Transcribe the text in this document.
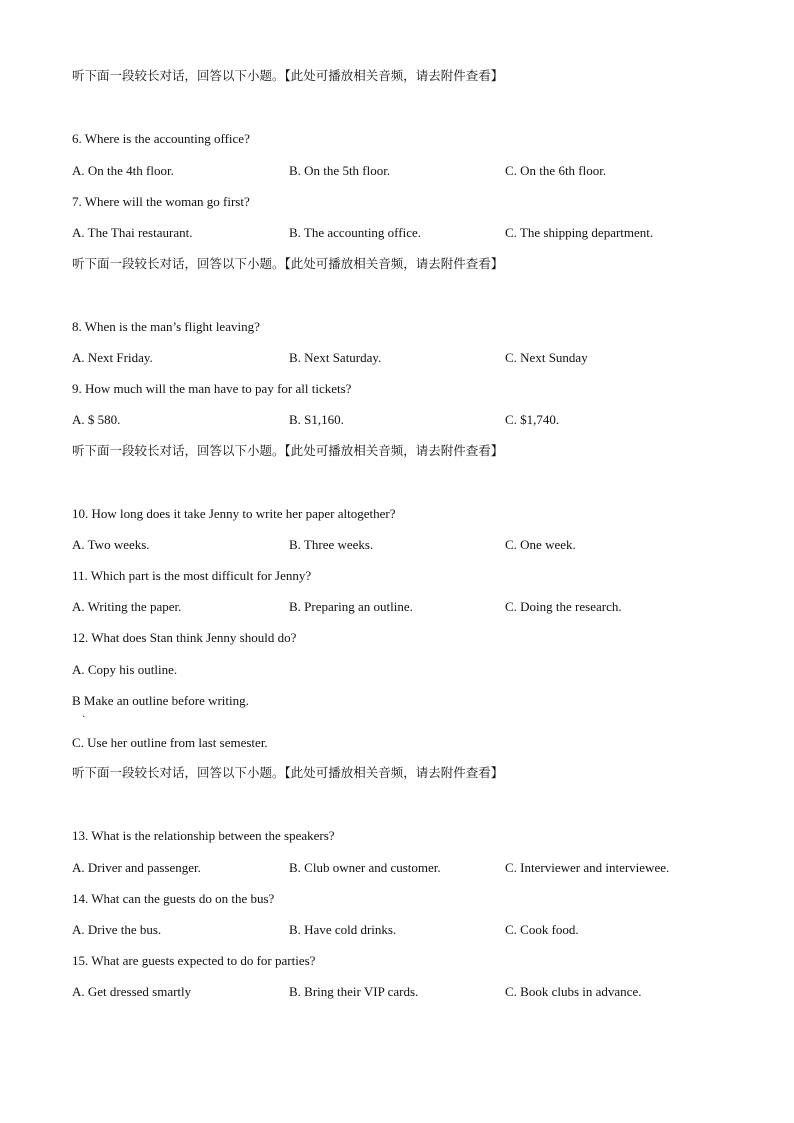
听下面一段较长对话，回答以下小题。【此处可播放相关音频，请去附件查看】
6. Where is the accounting office?
A. On the 4th floor.	B. On the 5th floor.	C. On the 6th floor.
7. Where will the woman go first?
A. The Thai restaurant.	B. The accounting office.	C. The shipping department.
听下面一段较长对话，回答以下小题。【此处可播放相关音频，请去附件查看】
8. When is the man’s flight leaving?
A. Next Friday.	B. Next Saturday.	C. Next Sunday
9. How much will the man have to pay for all tickets?
A. $ 580.	B. S1,160.	C. $1,740.
听下面一段较长对话，回答以下小题。【此处可播放相关音频，请去附件查看】
10. How long does it take Jenny to write her paper altogether?
A. Two weeks.	B. Three weeks.	C. One week.
11. Which part is the most difficult for Jenny?
A. Writing the paper.	B. Preparing an outline.	C. Doing the research.
12. What does Stan think Jenny should do?
A. Copy his outline.
B Make an outline before writing.
·
C. Use her outline from last semester.
听下面一段较长对话，回答以下小题。【此处可播放相关音频，请去附件查看】
13. What is the relationship between the speakers?
A. Driver and passenger.	B. Club owner and customer.	C. Interviewer and interviewee.
14. What can the guests do on the bus?
A. Drive the bus.	B. Have cold drinks.	C. Cook food.
15. What are guests expected to do for parties?
A. Get dressed smartly	B. Bring their VIP cards.	C. Book clubs in advance.
